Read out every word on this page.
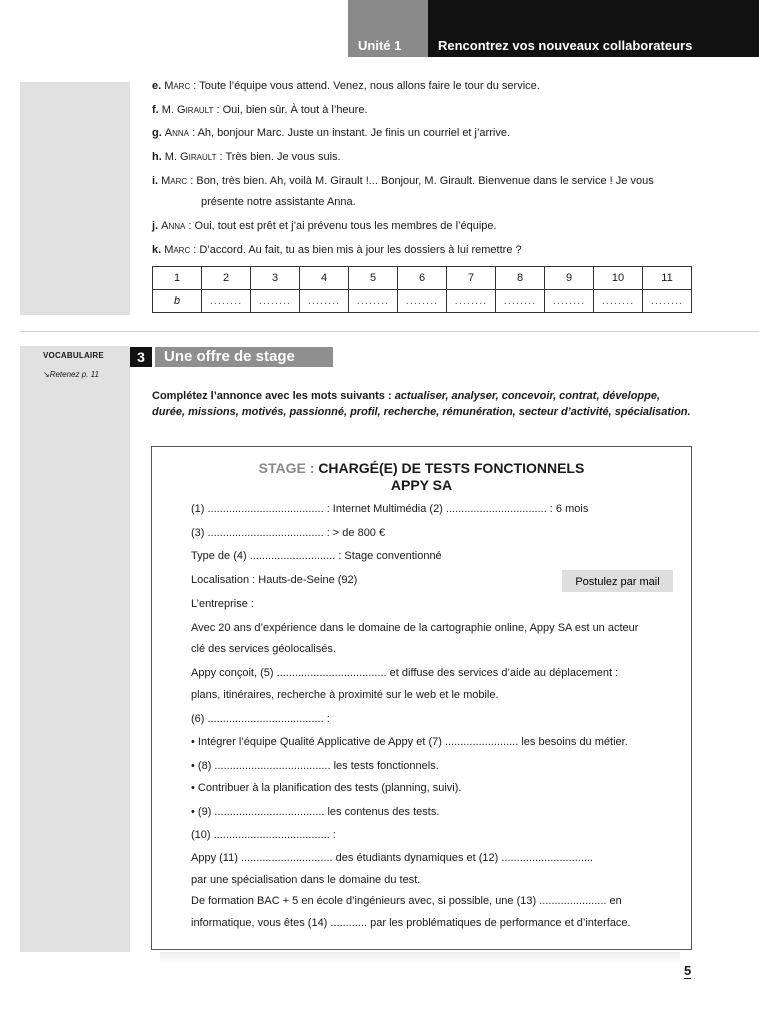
Unité 1	Rencontrez vos nouveaux collaborateurs
e. Marc : Toute l’équipe vous attend. Venez, nous allons faire le tour du service.
f. M. Girault : Oui, bien sûr. À tout à l’heure.
g. Anna : Ah, bonjour Marc. Juste un instant. Je finis un courriel et j’arrive.
h. M. Girault : Très bien. Je vous suis.
i. Marc : Bon, très bien. Ah, voilà M. Girault !... Bonjour, M. Girault. Bienvenue dans le service ! Je vous
présente notre assistante Anna.
j. Anna : Oui, tout est prêt et j’ai prévenu tous les membres de l’équipe.
k. Marc : D’accord. Au fait, tu as bien mis à jour les dossiers à lui remettre ?
1	2	3	4	5	6	7	8	9	10	11
b	........	........	........	........	........	........	........	........	........	........
VOCABULAIRE
↘Retenez p. 11
3	Une offre de stage
Complétez l’annonce avec les mots suivants : actualiser, analyser, concevoir, contrat, développe, durée, missions, motivés, passionné, profil, recherche, rémunération, secteur d’activité, spécialisation.
STAGE : CHARGÉ(E) DE TESTS FONCTIONNELS
APPY SA
(1) ...................................... : Internet Multimédia (2) ................................. : 6 mois
(3) ...................................... : > de 800 €
Type de (4) ............................ : Stage conventionné
Localisation : Hauts-de-Seine (92)	Postulez par mail
L’entreprise :
Avec 20 ans d’expérience dans le domaine de la cartographie online, Appy SA est un acteur
clé des services géolocalisés.
Appy conçoit, (5) .................................... et diffuse des services d’aide au déplacement :
plans, itinéraires, recherche à proximité sur le web et le mobile.
(6) ...................................... :
• Intégrer l’équipe Qualité Applicative de Appy et (7) ........................ les besoins du métier.
• (8) ...................................... les tests fonctionnels.
• Contribuer à la planification des tests (planning, suivi).
• (9) .................................... les contenus des tests.
(10) ...................................... :
Appy (11) .............................. des étudiants dynamiques et (12) ..............................
par une spécialisation dans le domaine du test.
De formation BAC + 5 en école d’ingénieurs avec, si possible, une (13) ...................... en
informatique, vous êtes (14) ............ par les problématiques de performance et d’interface.
5
